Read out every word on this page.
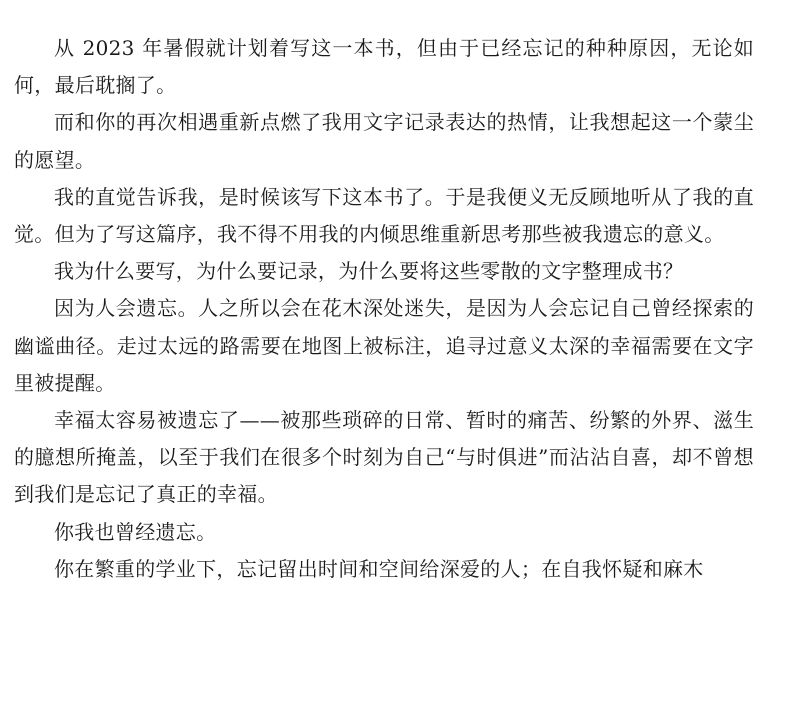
从 2023 年暑假就计划着写这一本书，但由于已经忘记的种种原因，无论如何，最后耽搁了。

而和你的再次相遇重新点燃了我用文字记录表达的热情，让我想起这一个蒙尘的愿望。

我的直觉告诉我，是时候该写下这本书了。于是我便义无反顾地听从了我的直觉。但为了写这篇序，我不得不用我的内倾思维重新思考那些被我遗忘的意义。

我为什么要写，为什么要记录，为什么要将这些零散的文字整理成书？

因为人会遗忘。人之所以会在花木深处迷失，是因为人会忘记自己曾经探索的幽谧曲径。走过太远的路需要在地图上被标注，追寻过意义太深的幸福需要在文字里被提醒。

幸福太容易被遗忘了——被那些琐碎的日常、暂时的痛苦、纷繁的外界、滋生的臆想所掩盖，以至于我们在很多个时刻为自己“与时俱进”而沾沾自喜，却不曾想到我们是忘记了真正的幸福。

你我也曾经遗忘。

你在繁重的学业下，忘记留出时间和空间给深爱的人；在自我怀疑和麻木
